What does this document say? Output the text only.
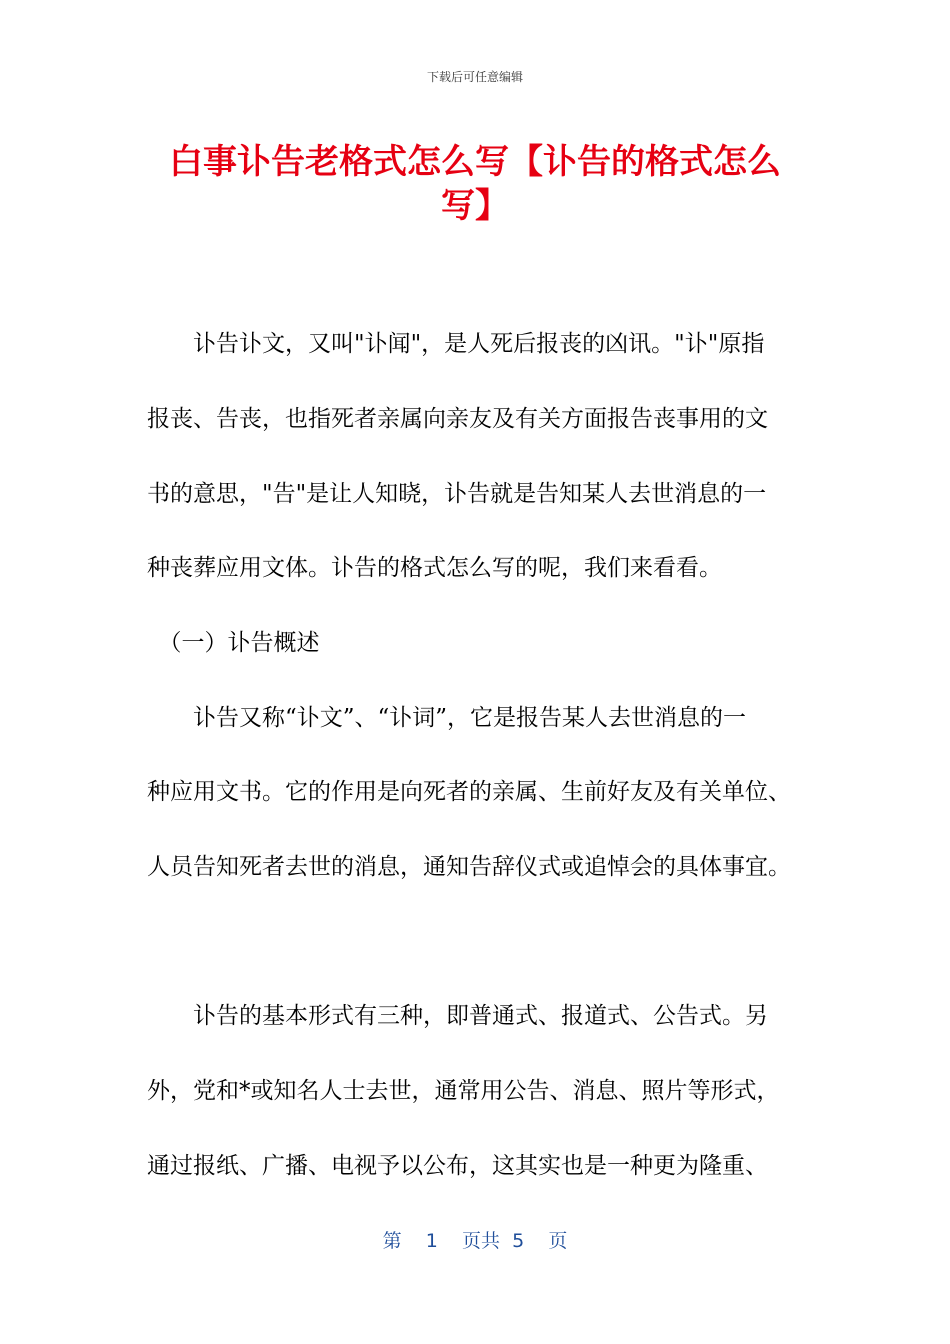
下载后可任意编辑
白事讣告老格式怎么写【讣告的格式怎么
写】
　　讣告讣文，又叫"讣闻"，是人死后报丧的凶讯。"讣"原指
报丧、告丧，也指死者亲属向亲友及有关方面报告丧事用的文
书的意思，"告"是让人知晓，讣告就是告知某人去世消息的一
种丧葬应用文体。讣告的格式怎么写的呢，我们来看看。
　（一）讣告概述
　　讣告又称“讣文”、“讣词”，它是报告某人去世消息的一
种应用文书。它的作用是向死者的亲属、生前好友及有关单位、
人员告知死者去世的消息，通知告辞仪式或追悼会的具体事宜。
　　讣告的基本形式有三种，即普通式、报道式、公告式。另
外，党和*或知名人士去世，通常用公告、消息、照片等形式，
通过报纸、广播、电视予以公布，这其实也是一种更为隆重、
第 1 页共 5 页
